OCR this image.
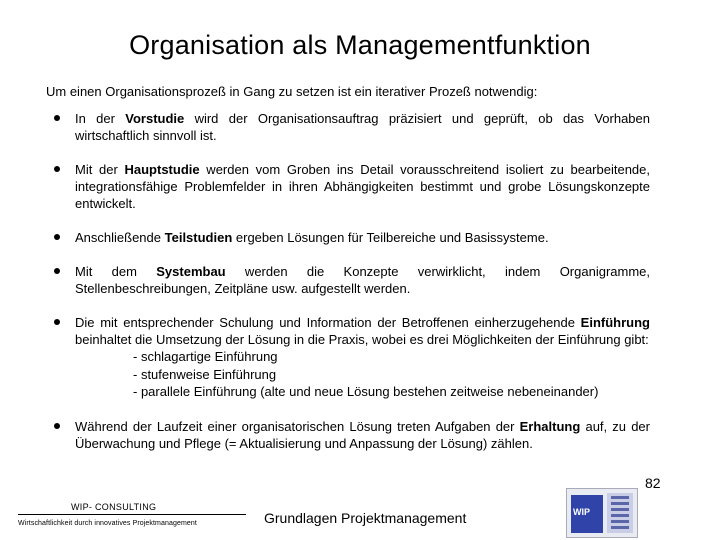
Organisation als Managementfunktion
Um einen Organisationsprozeß in Gang zu setzen ist ein iterativer Prozeß notwendig:
In der Vorstudie wird der Organisationsauftrag präzisiert und geprüft, ob das Vorhaben wirtschaftlich sinnvoll ist.
Mit der Hauptstudie werden vom Groben ins Detail vorausschreitend isoliert zu bearbeitende, integrationsfähige Problemfelder in ihren Abhängigkeiten bestimmt und grobe Lösungskonzepte entwickelt.
Anschließende Teilstudien ergeben Lösungen für Teilbereiche und Basissysteme.
Mit dem Systembau werden die Konzepte verwirklicht, indem Organigramme, Stellenbeschreibungen, Zeitpläne usw. aufgestellt werden.
Die mit entsprechender Schulung und Information der Betroffenen einherzugehende Einführung beinhaltet die Umsetzung der Lösung in die Praxis, wobei es drei Möglichkeiten der Einführung gibt:
- schlagartige Einführung
- stufenweise Einführung
- parallele Einführung (alte und neue Lösung bestehen zeitweise nebeneinander)
Während der Laufzeit einer organisatorischen Lösung treten Aufgaben der Erhaltung auf, zu der Überwachung und Pflege (= Aktualisierung und Anpassung der Lösung) zählen.
WIP- CONSULTING
Wirtschaftlichkeit durch innovatives Projektmanagement	Grundlagen Projektmanagement	WIP
82
